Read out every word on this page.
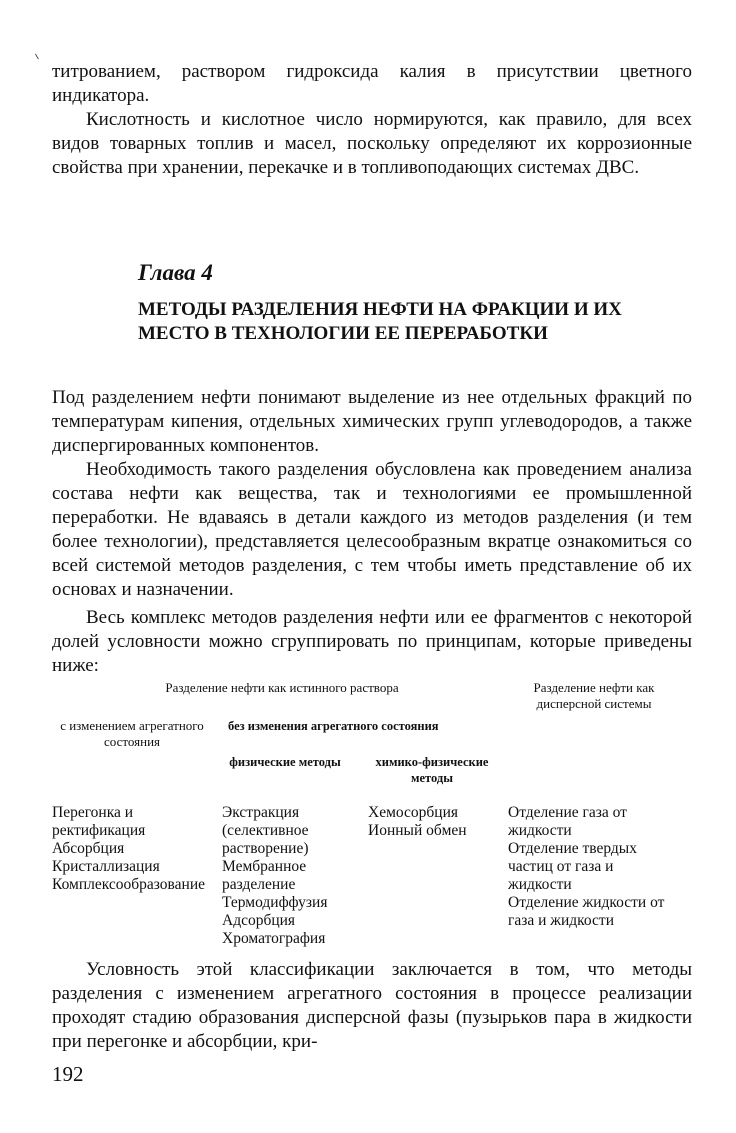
титрованием, раствором гидроксида калия в присутствии цветного индикатора.

Кислотность и кислотное число нормируются, как правило, для всех видов товарных топлив и масел, поскольку определяют их коррозионные свойства при хранении, перекачке и в топливоподающих системах ДВС.

Глава 4

МЕТОДЫ РАЗДЕЛЕНИЯ НЕФТИ НА ФРАКЦИИ И ИХ МЕСТО В ТЕХНОЛОГИИ ЕЕ ПЕРЕРАБОТКИ

Под разделением нефти понимают выделение из нее отдельных фракций по температурам кипения, отдельных химических групп углеводородов, а также диспергированных компонентов.

Необходимость такого разделения обусловлена как проведением анализа состава нефти как вещества, так и технологиями ее промышленной переработки. Не вдаваясь в детали каждого из методов разделения (и тем более технологии), представляется целесообразным вкратце ознакомиться со всей системой методов разделения, с тем чтобы иметь представление об их основах и назначении.

Весь комплекс методов разделения нефти или ее фрагментов с некоторой долей условности можно сгруппировать по принципам, которые приведены ниже:

Разделение нефти как истинного раствора	Разделение нефти как дисперсной системы

с изменением агрегатного состояния

без изменения агрегатного состояния

физические методы	химико-физические методы

Перегонка и ректификация
Абсорбция
Кристаллизация
Комплексообразование
Экстракция
(селективное
растворение)
Мембранное
разделение
Термодиффузия
Адсорбция
Хроматография
Хемосорбция
Ионный обмен
Отделение газа от жидкости
Отделение твердых частиц от газа и жидкости
Отделение жидкости от газа и жидкости

Условность этой классификации заключается в том, что методы разделения с изменением агрегатного состояния в процессе реализации проходят стадию образования дисперсной фазы (пузырьков пара в жидкости при перегонке и абсорбции, кри-

192
